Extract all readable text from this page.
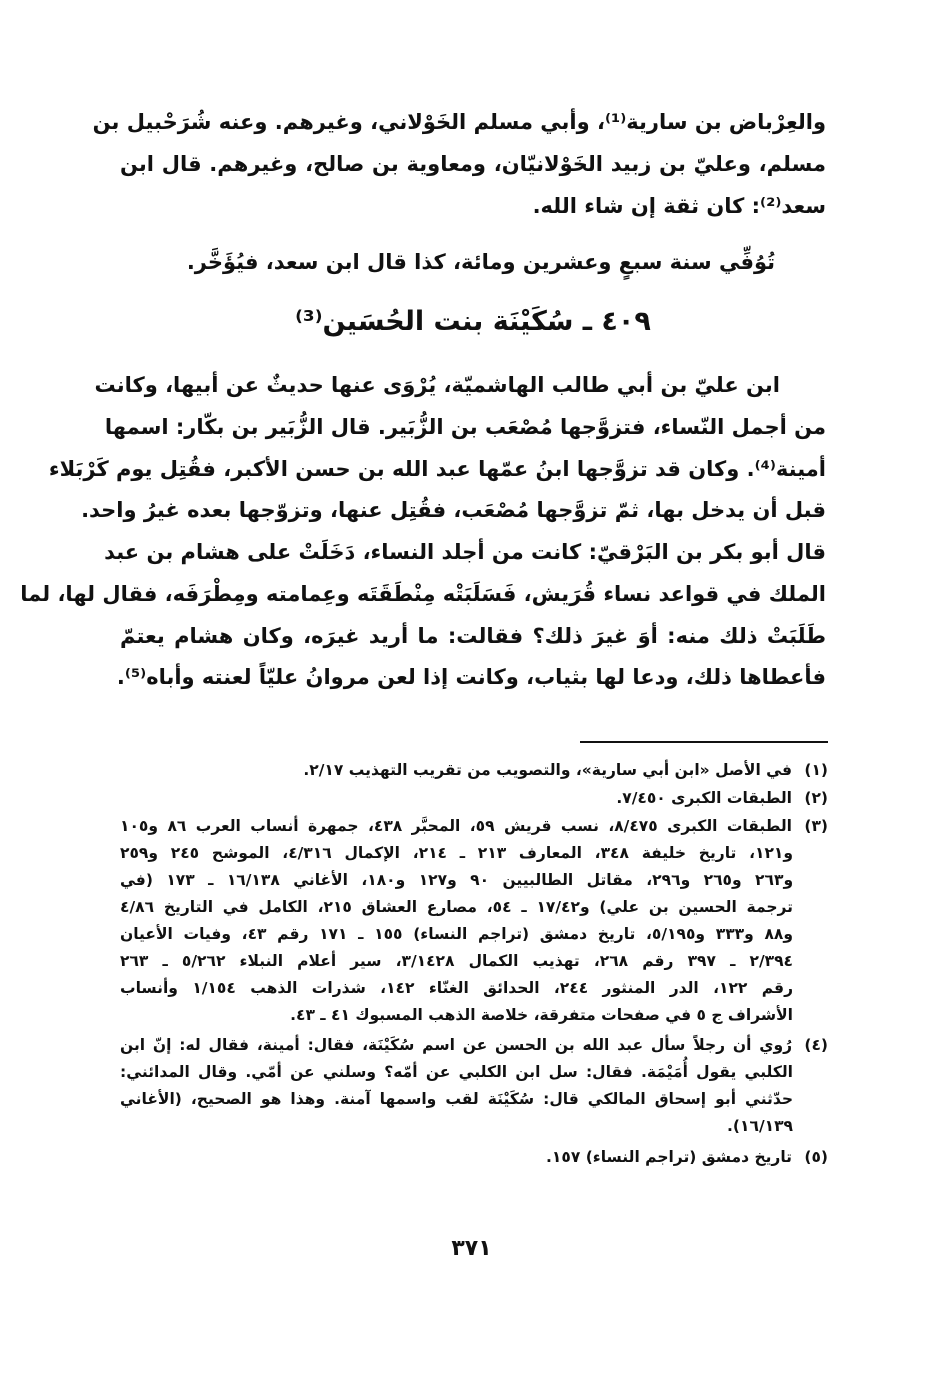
والعِرْباض بن سارية⁽¹⁾، وأبي مسلم الخَوْلاني، وغيرهم. وعنه شُرَحْبيل بن
مسلم، وعليّ بن زبيد الخَوْلانيّان، ومعاوية بن صالح، وغيرهم. قال ابن
سعد⁽²⁾: كان ثقة إن شاء الله.
تُوُفِّي سنة سبعٍ وعشرين ومائة، كذا قال ابن سعد، فيُؤَخَّر.
٤٠٩ ـ سُكَيْنَة بنت الحُسَين⁽³⁾
ابن عليّ بن أبي طالب الهاشميّة، يُرْوَى عنها حديثٌ عن أبيها، وكانت
من أجمل النّساء، فتزوَّجها مُصْعَب بن الزُّبَير. قال الزُّبَير بن بكّار: اسمها
أمينة⁽⁴⁾. وكان قد تزوَّجها ابنُ عمّها عبد الله بن حسن الأكبر، فقُتِل يوم كَرْبَلاء
قبل أن يدخل بها، ثمّ تزوَّجها مُصْعَب، فقُتِل عنها، وتزوّجها بعده غيرُ واحد.
قال أبو بكر بن البَرْقيّ: كانت من أجلد النساء، دَخَلَتْ على هشام بن عبد
الملك في قواعد نساء قُرَيش، فَسَلَبَتْه مِنْطَقَتَه وعِمامته ومِطْرَفَه، فقال لها، لما
طَلَبَتْ ذلك منه: أوَ غيرَ ذلك؟ فقالت: ما أريد غيرَه، وكان هشام يعتمّ
فأعطاها ذلك، ودعا لها بثياب، وكانت إذا لعن مروانُ عليّاً لعنته وأباه⁽⁵⁾.
(١)
في الأصل «ابن أبي سارية»، والتصويب من تقريب التهذيب ٢/١٧.
(٢)
الطبقات الكبرى ٧/٤٥٠.
(٣)
الطبقات الكبرى ٨/٤٧٥، نسب قريش ٥٩، المحبَّر ٤٣٨، جمهرة أنساب العرب ٨٦ و١٠٥
و١٢١، تاريخ خليفة ٣٤٨، المعارف ٢١٣ ـ ٢١٤، الإكمال ٤/٣١٦، الموشح ٢٤٥ و٢٥٩
و٢٦٣ و٢٦٥ و٢٩٦، مقاتل الطالبيين ٩٠ و١٢٧ و١٨٠، الأغاني ١٦/١٣٨ ـ ١٧٣ (في
ترجمة الحسين بن علي) و١٧/٤٢ ـ ٥٤، مصارع العشاق ٢١٥، الكامل في التاريخ ٤/٨٦
و٨٨ و٣٣٣ و٥/١٩٥، تاريخ دمشق (تراجم النساء) ١٥٥ ـ ١٧١ رقم ٤٣، وفيات الأعيان
٢/٣٩٤ ـ ٣٩٧ رقم ٢٦٨، تهذيب الكمال ٣/١٤٢٨، سير أعلام النبلاء ٥/٢٦٢ ـ ٢٦٣
رقم ١٢٢، الدر المنثور ٢٤٤، الحدائق الغنّاء ١٤٢، شذرات الذهب ١/١٥٤ وأنساب
الأشراف ج ٥ في صفحات متفرقة، خلاصة الذهب المسبوك ٤١ ـ ٤٣.
(٤)
رُوي أن رجلاً سأل عبد الله بن الحسن عن اسم سُكَيْنَة، فقال: أمينة، فقال له: إنّ ابن
الكلبي يقول أُمَيْمَة. فقال: سل ابن الكلبي عن أمّه؟ وسلني عن أمّي. وقال المدائني:
حدّثني أبو إسحاق المالكي قال: سُكَيْنَة لقب واسمها آمنة. وهذا هو الصحيح، (الأغاني
١٦/١٣٩).
(٥)
تاريخ دمشق (تراجم النساء) ١٥٧.
٣٧١
